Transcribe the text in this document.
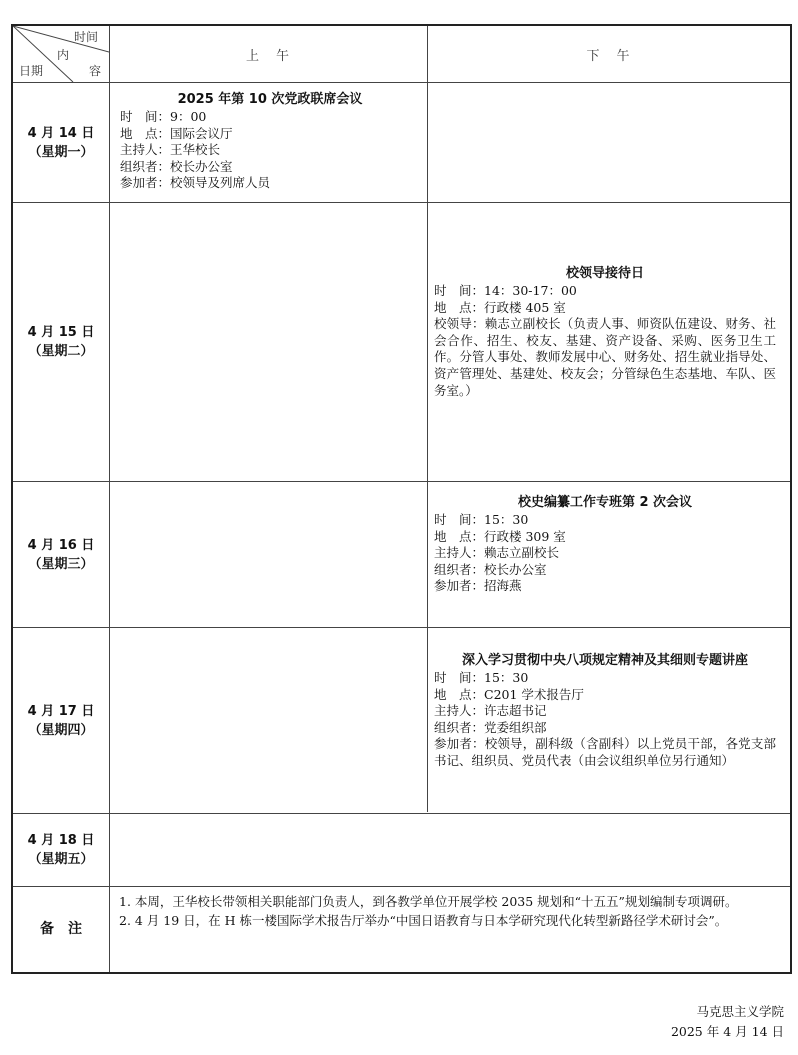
时间
内
容
日期
上　午	下　午
4 月 14 日
（星期一）
4 月 15 日
（星期二）
4 月 16 日
（星期三）
4 月 17 日
（星期四）
4 月 18 日
（星期五）
2025 年第 10 次党政联席会议
时　间：9：00
地　点：国际会议厅
主持人：王华校长
组织者：校长办公室
参加者：校领导及列席人员
校领导接待日
时　间：14：30-17：00
地　点：行政楼 405 室
校领导：赖志立副校长（负责人事、师资队伍建设、财务、社会合作、招生、校友、基建、资产设备、采购、医务卫生工作。分管人事处、教师发展中心、财务处、招生就业指导处、资产管理处、基建处、校友会；分管绿色生态基地、车队、医务室。）
校史编纂工作专班第 2 次会议
时　间：15：30
地　点：行政楼 309 室
主持人：赖志立副校长
组织者：校长办公室
参加者：招海燕
深入学习贯彻中央八项规定精神及其细则专题讲座
时　间：15：30
地　点：C201 学术报告厅
主持人：许志超书记
组织者：党委组织部
参加者：校领导，副科级（含副科）以上党员干部，各党支部书记、组织员、党员代表（由会议组织单位另行通知）
备　注
1. 本周，王华校长带领相关职能部门负责人，到各教学单位开展学校 2035 规划和“十五五”规划编制专项调研。
2. 4 月 19 日，在 H 栋一楼国际学术报告厅举办“中国日语教育与日本学研究现代化转型新路径学术研讨会”。
马克思主义学院
2025 年 4 月 14 日
